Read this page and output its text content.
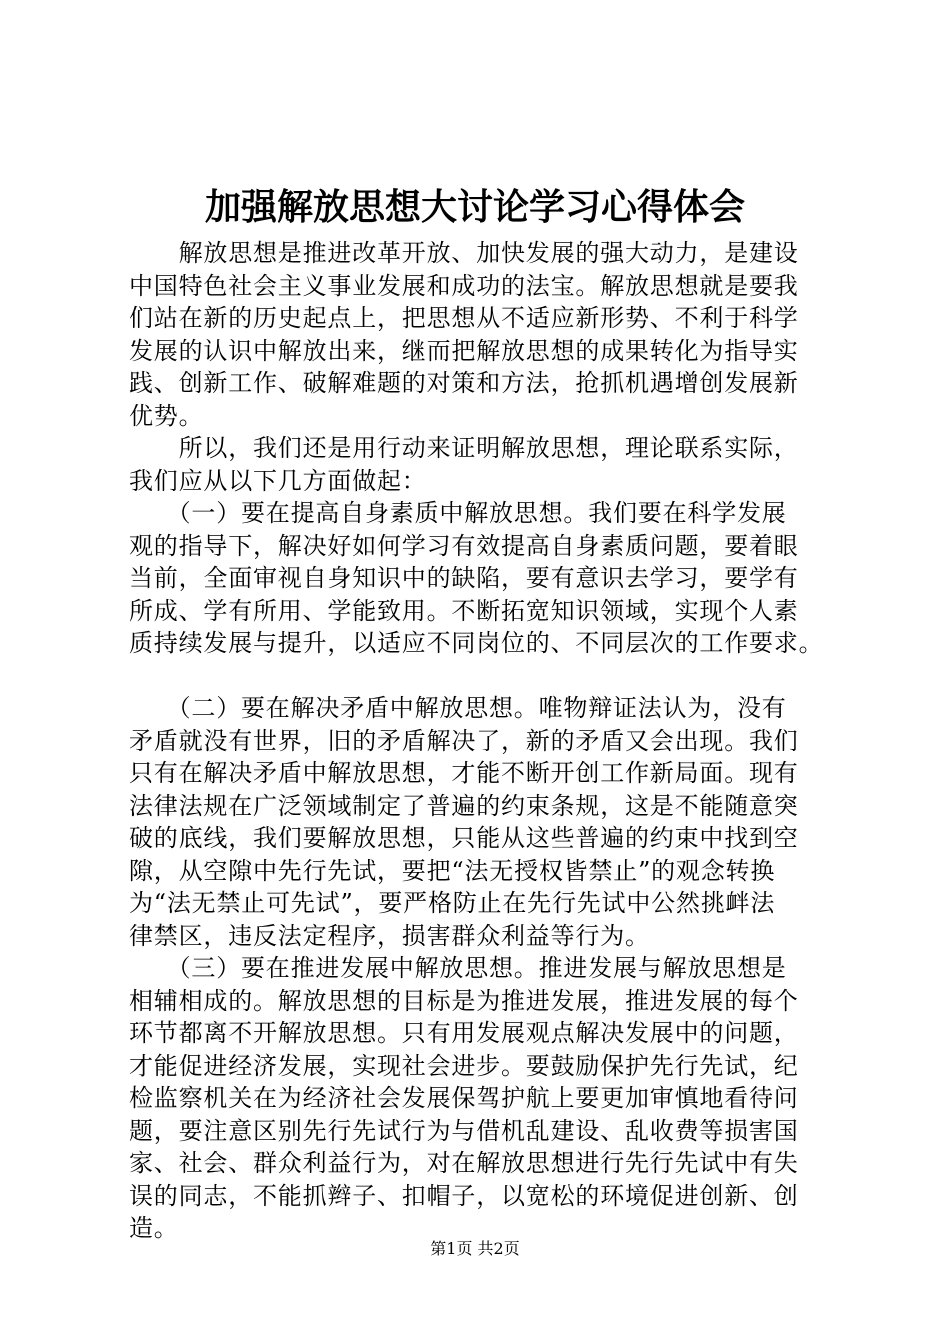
加强解放思想大讨论学习心得体会
　　解放思想是推进改革开放、加快发展的强大动力，是建设
中国特色社会主义事业发展和成功的法宝。解放思想就是要我
们站在新的历史起点上，把思想从不适应新形势、不利于科学
发展的认识中解放出来，继而把解放思想的成果转化为指导实
践、创新工作、破解难题的对策和方法，抢抓机遇增创发展新
优势。
　　所以，我们还是用行动来证明解放思想，理论联系实际，
我们应从以下几方面做起：
　　（一）要在提高自身素质中解放思想。我们要在科学发展
观的指导下，解决好如何学习有效提高自身素质问题，要着眼
当前，全面审视自身知识中的缺陷，要有意识去学习，要学有
所成、学有所用、学能致用。不断拓宽知识领域，实现个人素
质持续发展与提升，以适应不同岗位的、不同层次的工作要求。
　　（二）要在解决矛盾中解放思想。唯物辩证法认为，没有
矛盾就没有世界，旧的矛盾解决了，新的矛盾又会出现。我们
只有在解决矛盾中解放思想，才能不断开创工作新局面。现有
法律法规在广泛领域制定了普遍的约束条规，这是不能随意突
破的底线，我们要解放思想，只能从这些普遍的约束中找到空
隙，从空隙中先行先试，要把“法无授权皆禁止”的观念转换
为“法无禁止可先试”，要严格防止在先行先试中公然挑衅法
律禁区，违反法定程序，损害群众利益等行为。
　　（三）要在推进发展中解放思想。推进发展与解放思想是
相辅相成的。解放思想的目标是为推进发展，推进发展的每个
环节都离不开解放思想。只有用发展观点解决发展中的问题，
才能促进经济发展，实现社会进步。要鼓励保护先行先试，纪
检监察机关在为经济社会发展保驾护航上要更加审慎地看待问
题，要注意区别先行先试行为与借机乱建设、乱收费等损害国
家、社会、群众利益行为，对在解放思想进行先行先试中有失
误的同志，不能抓辫子、扣帽子，以宽松的环境促进创新、创
造。
第1页 共2页
